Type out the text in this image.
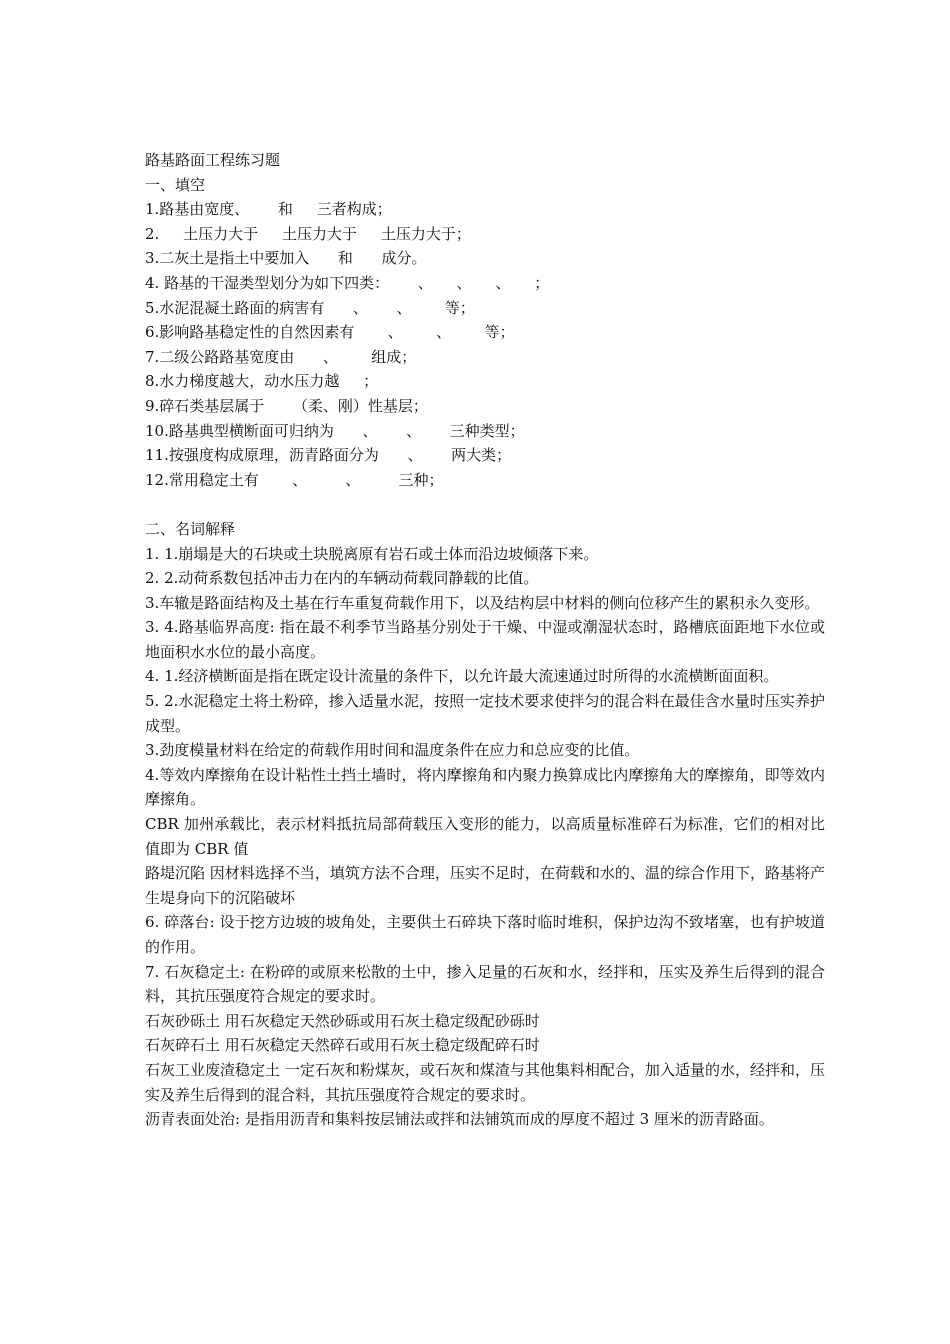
路基路面工程练习题

一、填空

1.路基由宽度、      和     三者构成；

2.     土压力大于     土压力大于     土压力大于；

3.二灰土是指土中要加入      和      成分。

4. 路基的干湿类型划分为如下四类：      、     、     、     ；

5.水泥混凝土路面的病害有      、      、       等；

6.影响路基稳定性的自然因素有       、       、       等；

7.二级公路路基宽度由      、       组成；

8.水力梯度越大，动水压力越     ；

9.碎石类基层属于      （柔、刚）性基层；

10.路基典型横断面可归纳为      、      、      三种类型；

11.按强度构成原理，沥青路面分为      、      两大类；

12.常用稳定土有       、        、        三种；

二、名词解释

1. 1.崩塌是大的石块或土块脱离原有岩石或土体而沿边坡倾落下来。

2. 2.动荷系数包括冲击力在内的车辆动荷载同静载的比值。

3.车辙是路面结构及土基在行车重复荷载作用下，以及结构层中材料的侧向位移产生的累积永久变形。

3. 4.路基临界高度: 指在最不利季节当路基分别处于干燥、中湿或潮湿状态时，路槽底面距地下水位或地面积水水位的最小高度。

4. 1.经济横断面是指在既定设计流量的条件下，以允许最大流速通过时所得的水流横断面面积。

5. 2.水泥稳定土将土粉碎，掺入适量水泥，按照一定技术要求使拌匀的混合料在最佳含水量时压实养护成型。

3.劲度模量材料在给定的荷载作用时间和温度条件在应力和总应变的比值。

4.等效内摩擦角在设计粘性土挡土墙时，将内摩擦角和内聚力换算成比内摩擦角大的摩擦角，即等效内摩擦角。

CBR 加州承载比，表示材料抵抗局部荷载压入变形的能力，以高质量标准碎石为标准，它们的相对比值即为 CBR 值

路堤沉陷 因材料选择不当，填筑方法不合理，压实不足时，在荷载和水的、温的综合作用下，路基将产生堤身向下的沉陷破坏

6. 碎落台: 设于挖方边坡的坡角处，主要供土石碎块下落时临时堆积，保护边沟不致堵塞，也有护坡道的作用。

7. 石灰稳定土: 在粉碎的或原来松散的土中，掺入足量的石灰和水，经拌和，压实及养生后得到的混合料，其抗压强度符合规定的要求时。

石灰砂砾土 用石灰稳定天然砂砾或用石灰土稳定级配砂砾时

石灰碎石土 用石灰稳定天然碎石或用石灰土稳定级配碎石时

石灰工业废渣稳定土 一定石灰和粉煤灰，或石灰和煤渣与其他集料相配合，加入适量的水，经拌和，压实及养生后得到的混合料，其抗压强度符合规定的要求时。

沥青表面处治: 是指用沥青和集料按层铺法或拌和法铺筑而成的厚度不超过 3 厘米的沥青路面。
